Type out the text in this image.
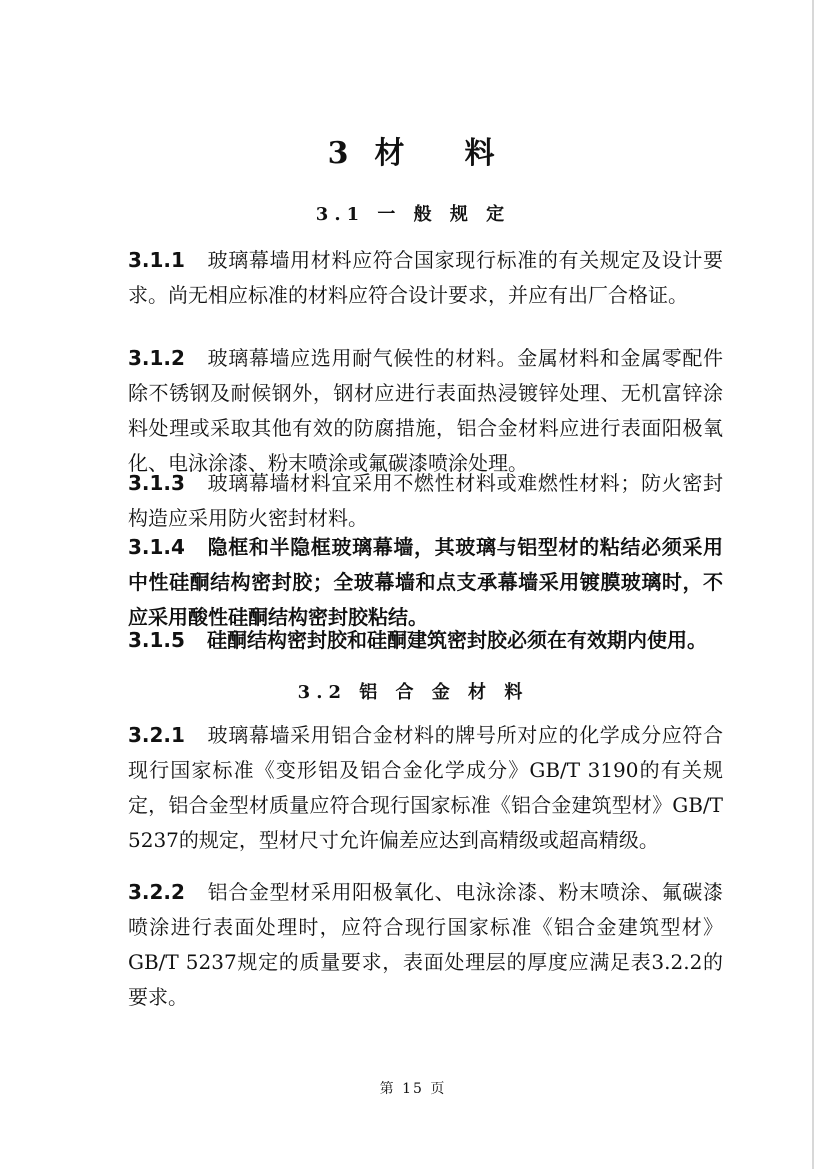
3 材 料
3.1 一 般 规 定
3.1.1 玻璃幕墙用材料应符合国家现行标准的有关规定及设计要求。尚无相应标准的材料应符合设计要求，并应有出厂合格证。
3.1.2 玻璃幕墙应选用耐气候性的材料。金属材料和金属零配件除不锈钢及耐候钢外，钢材应进行表面热浸镀锌处理、无机富锌涂料处理或采取其他有效的防腐措施，铝合金材料应进行表面阳极氧化、电泳涂漆、粉末喷涂或氟碳漆喷涂处理。
3.1.3 玻璃幕墙材料宜采用不燃性材料或难燃性材料；防火密封构造应采用防火密封材料。
3.1.4 隐框和半隐框玻璃幕墙，其玻璃与铝型材的粘结必须采用中性硅酮结构密封胶；全玻幕墙和点支承幕墙采用镀膜玻璃时，不应采用酸性硅酮结构密封胶粘结。
3.1.5 硅酮结构密封胶和硅酮建筑密封胶必须在有效期内使用。
3.2 铝 合 金 材 料
3.2.1 玻璃幕墙采用铝合金材料的牌号所对应的化学成分应符合现行国家标准《变形铝及铝合金化学成分》GB/T 3190的有关规定，铝合金型材质量应符合现行国家标准《铝合金建筑型材》GB/T 5237的规定，型材尺寸允许偏差应达到高精级或超高精级。
3.2.2 铝合金型材采用阳极氧化、电泳涂漆、粉末喷涂、氟碳漆喷涂进行表面处理时，应符合现行国家标准《铝合金建筑型材》GB/T 5237规定的质量要求，表面处理层的厚度应满足表3.2.2的要求。
第 15 页
